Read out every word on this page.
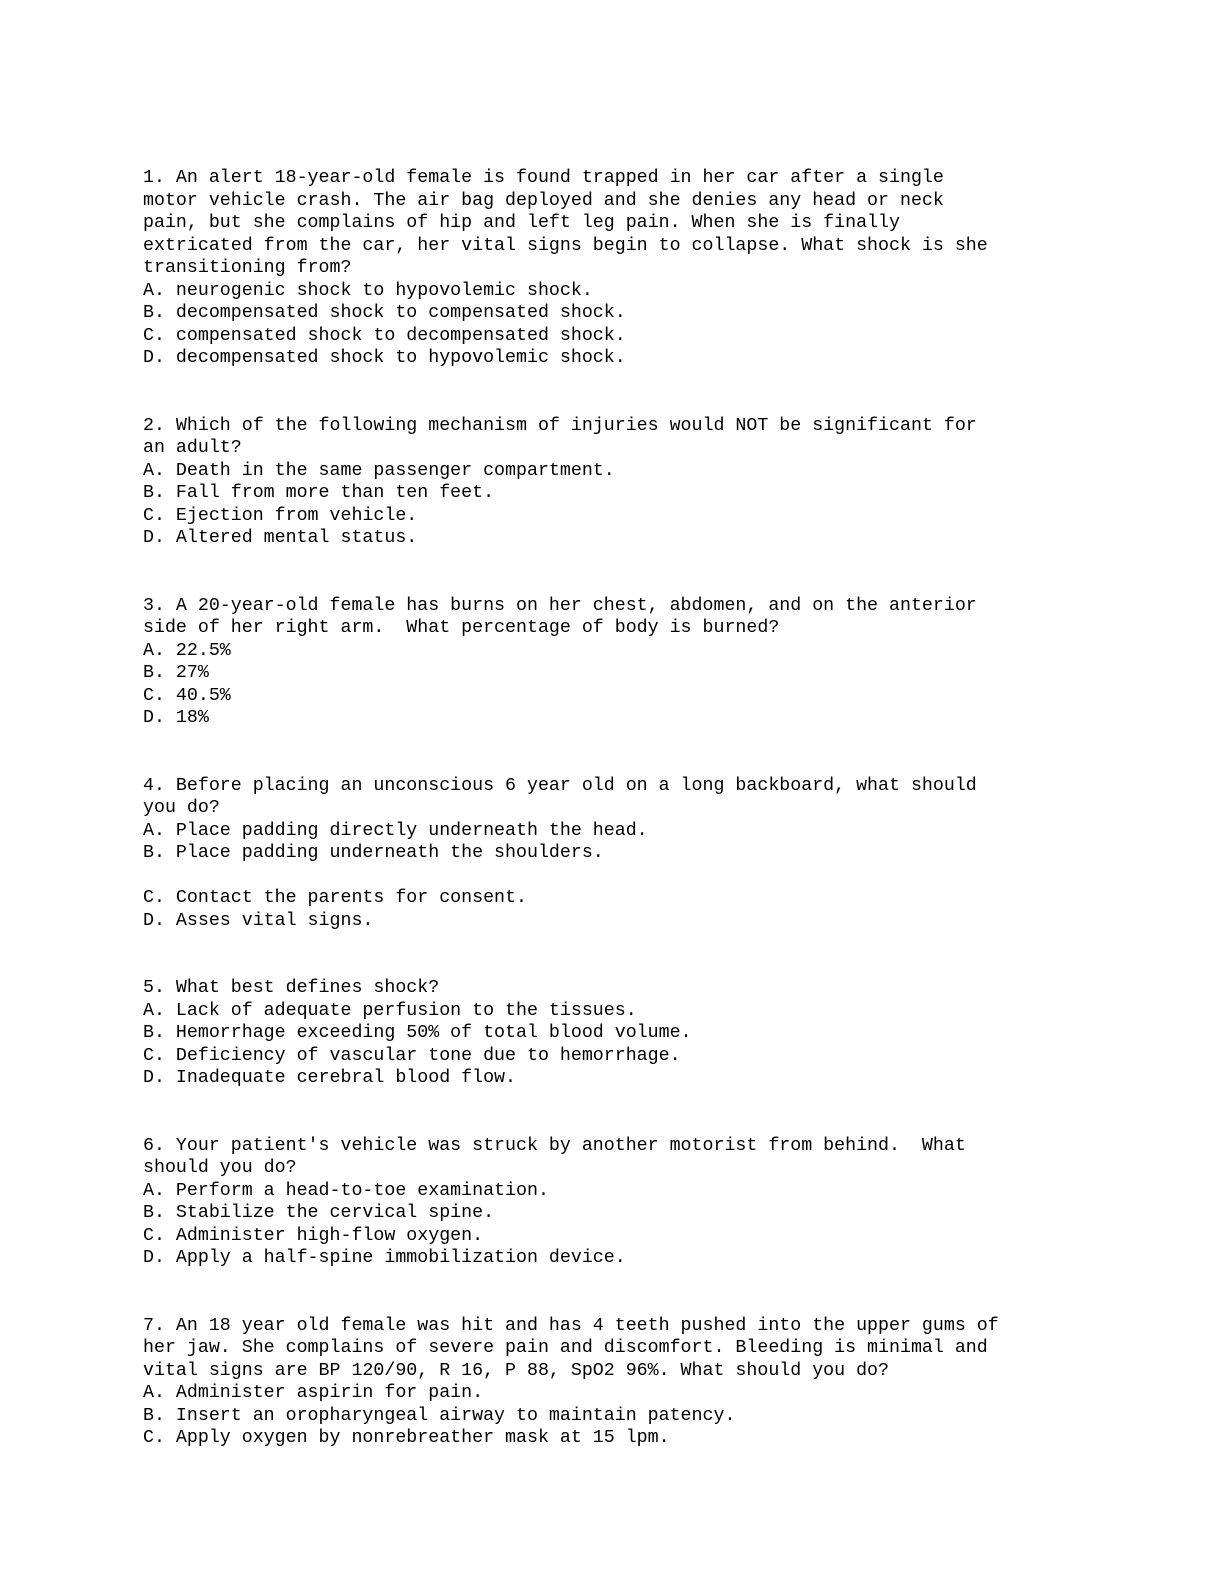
1. An alert 18-year-old female is found trapped in her car after a single
motor vehicle crash. The air bag deployed and she denies any head or neck
pain, but she complains of hip and left leg pain. When she is finally
extricated from the car, her vital signs begin to collapse. What shock is she
transitioning from?

A. neurogenic shock to hypovolemic shock.
B. decompensated shock to compensated shock.
C. compensated shock to decompensated shock.
D. decompensated shock to hypovolemic shock.

2. Which of the following mechanism of injuries would NOT be significant for
an adult?

A. Death in the same passenger compartment.
B. Fall from more than ten feet.
C. Ejection from vehicle.
D. Altered mental status.

3. A 20-year-old female has burns on her chest, abdomen, and on the anterior
side of her right arm.  What percentage of body is burned?

A. 22.5%
B. 27%
C. 40.5%
D. 18%

4. Before placing an unconscious 6 year old on a long backboard, what should
you do?

A. Place padding directly underneath the head.
B. Place padding underneath the shoulders.
C. Contact the parents for consent.
D. Asses vital signs.

5. What best defines shock?

A. Lack of adequate perfusion to the tissues.
B. Hemorrhage exceeding 50% of total blood volume.
C. Deficiency of vascular tone due to hemorrhage.
D. Inadequate cerebral blood flow.

6. Your patient's vehicle was struck by another motorist from behind.  What
should you do?

A. Perform a head-to-toe examination.
B. Stabilize the cervical spine.
C. Administer high-flow oxygen.
D. Apply a half-spine immobilization device.

7. An 18 year old female was hit and has 4 teeth pushed into the upper gums of
her jaw. She complains of severe pain and discomfort. Bleeding is minimal and
vital signs are BP 120/90, R 16, P 88, SpO2 96%. What should you do?

A. Administer aspirin for pain.
B. Insert an oropharyngeal airway to maintain patency.
C. Apply oxygen by nonrebreather mask at 15 lpm.
